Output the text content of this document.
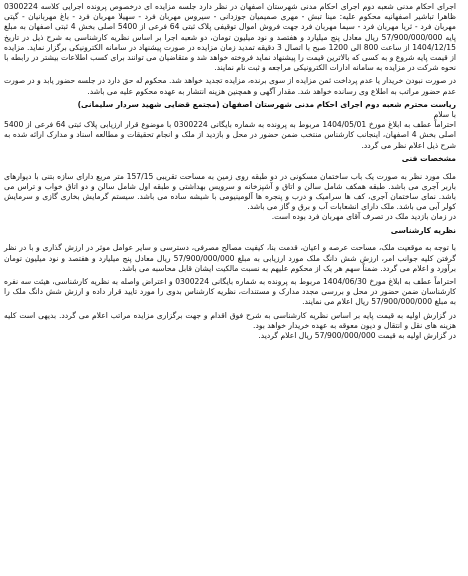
اجرای احکام مدنی شعبه دوم اجرای احکام مدنی شهرستان اصفهان در نظر دارد جلسه مزایده ای درخصوص پرونده اجرایی کلاسه 0300224 ظاهرا تباشیر اصفهانیه محکوم علیه: مینا تبش - مهری صمیمیان جوزدانی - سیروس مهربان فرد - سهیلا مهربان فرد - باغ مهربانیان - گیتی مهربان فرد - ثریا مهربان فرد - سیما مهربان فرد جهت فروش اموال توقیفی پلاک ثبتی 64 فرعی از 5400 اصلی بخش 4 ثبتی اصفهان به مبلغ پایه 57/900/000/000 ریال معادل پنج میلیارد و هفتصد و نود میلیون تومان، دو شعبه اجرا بر اساس نظریه کارشناسی به شرح ذیل در تاریخ 1404/12/15 از ساعت 800 الی 1200 صبح با اتصال 3 دقیقه تمدید زمان مزایده در صورت پیشنهاد در سامانه الکترونیکی برگزار نماید. مزایده از قیمت پایه شروع و به کسی که بالاترین قیمت را پیشنهاد نماید فروخته خواهد شد و متقاضیان می توانند برای کسب اطلاعات بیشتر در رابطه با نحوه شرکت در مزایده به سامانه ادارات الکترونیکی مراجعه و ثبت نام نمایند.

در صورت نبودن خریدار یا عدم پرداخت ثمن مزایده از سوی برنده، مزایده تجدید خواهد شد. محکوم له حق دارد در جلسه حضور یابد و در صورت عدم حضور مراتب به اطلاع وی رسانده خواهد شد. مقدار آگهی و همچنین هزینه انتشار به عهده محکوم علیه می باشد.

ریاست محترم شعبه دوم اجرای احکام مدنی شهرستان اصفهان (مجتمع قضایی شهید سردار سلیمانی)

با سلام

احتراماً عطف به ابلاغ مورخ 1404/05/01 مربوط به پرونده به شماره بایگانی 0300224 با موضوع قرار ارزیابی پلاک ثبتی 64 فرعی از 5400 اصلی بخش 4 اصفهان، اینجانب کارشناس منتخب ضمن حضور در محل و بازدید از ملک و انجام تحقیقات و مطالعه اسناد و مدارک ارائه شده به شرح ذیل اعلام نظر می گردد.

مشخصات فنی

ملک مورد نظر به صورت یک باب ساختمان مسکونی در دو طبقه روی زمین به مساحت تقریبی 157/15 متر مربع دارای سازه بتنی با دیوارهای باربر آجری می باشد. طبقه همکف شامل سالن و اتاق و آشپزخانه و سرویس بهداشتی و طبقه اول شامل سالن و دو اتاق خواب و تراس می باشد. نمای ساختمان آجری، کف ها سرامیک و درب و پنجره ها آلومینیومی با شیشه ساده می باشد. سیستم گرمایش بخاری گازی و سرمایش کولر آبی می باشد. ملک دارای انشعابات آب و برق و گاز می باشد.

در زمان بازدید ملک در تصرف آقای مهربان فرد بوده است.

نظریه کارشناسی

با توجه به موقعیت ملک، مساحت عرصه و اعیان، قدمت بنا، کیفیت مصالح مصرفی، دسترسی و سایر عوامل موثر در ارزش گذاری و با در نظر گرفتن کلیه جوانب امر، ارزش شش دانگ ملک مورد ارزیابی به مبلغ 57/900/000/000 ریال معادل پنج میلیارد و هفتصد و نود میلیون تومان برآورد و اعلام می گردد. ضمناً سهم هر یک از محکوم علیهم به نسبت مالکیت ایشان قابل محاسبه می باشد.

احتراماً عطف به ابلاغ مورخ 1404/06/30 مربوط به پرونده به شماره بایگانی 0300224 و اعتراض واصله به نظریه کارشناسی، هیئت سه نفره کارشناسان ضمن حضور در محل و بررسی مجدد مدارک و مستندات، نظریه کارشناس بدوی را مورد تایید قرار داده و ارزش شش دانگ ملک را به مبلغ 57/900/000/000 ریال اعلام می نمایند.

در گزارش اولیه به قیمت پایه بر اساس نظریه کارشناسی به شرح فوق اقدام و جهت برگزاری مزایده مراتب اعلام می گردد. بدیهی است کلیه هزینه های نقل و انتقال و دیون معوقه به عهده خریدار خواهد بود.

در گزارش اولیه به قیمت 57/900/000/000 ریال اعلام گردید.
